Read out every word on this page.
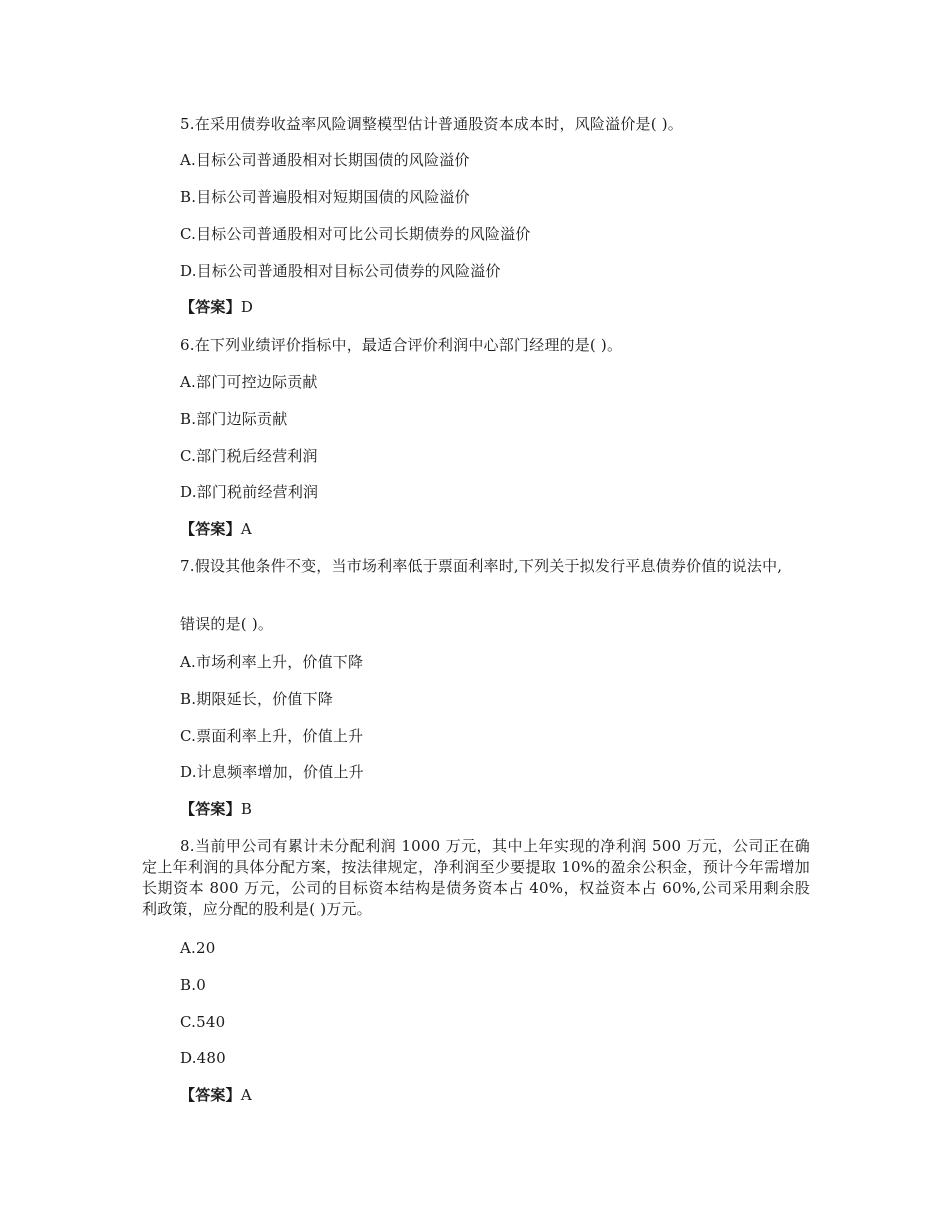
5.在采用债券收益率风险调整模型估计普通股资本成本时，风险溢价是( )。
A.目标公司普通股相对长期国债的风险溢价
B.目标公司普遍股相对短期国债的风险溢价
C.目标公司普通股相对可比公司长期债券的风险溢价
D.目标公司普通股相对目标公司债券的风险溢价
【答案】D
6.在下列业绩评价指标中，最适合评价利润中心部门经理的是( )。
A.部门可控边际贡献
B.部门边际贡献
C.部门税后经营利润
D.部门税前经营利润
【答案】A
7.假设其他条件不变，当市场利率低于票面利率时,下列关于拟发行平息债券价值的说法中,
错误的是( )。
A.市场利率上升，价值下降
B.期限延长，价值下降
C.票面利率上升，价值上升
D.计息频率增加，价值上升
【答案】B
8.当前甲公司有累计未分配利润 1000 万元，其中上年实现的净利润 500 万元，公司正在确定上年利润的具体分配方案，按法律规定，净利润至少要提取 10%的盈余公积金，预计今年需增加长期资本 800 万元，公司的目标资本结构是债务资本占 40%，权益资本占 60%,公司采用剩余股利政策，应分配的股利是( )万元。
A.20
B.0
C.540
D.480
【答案】A
